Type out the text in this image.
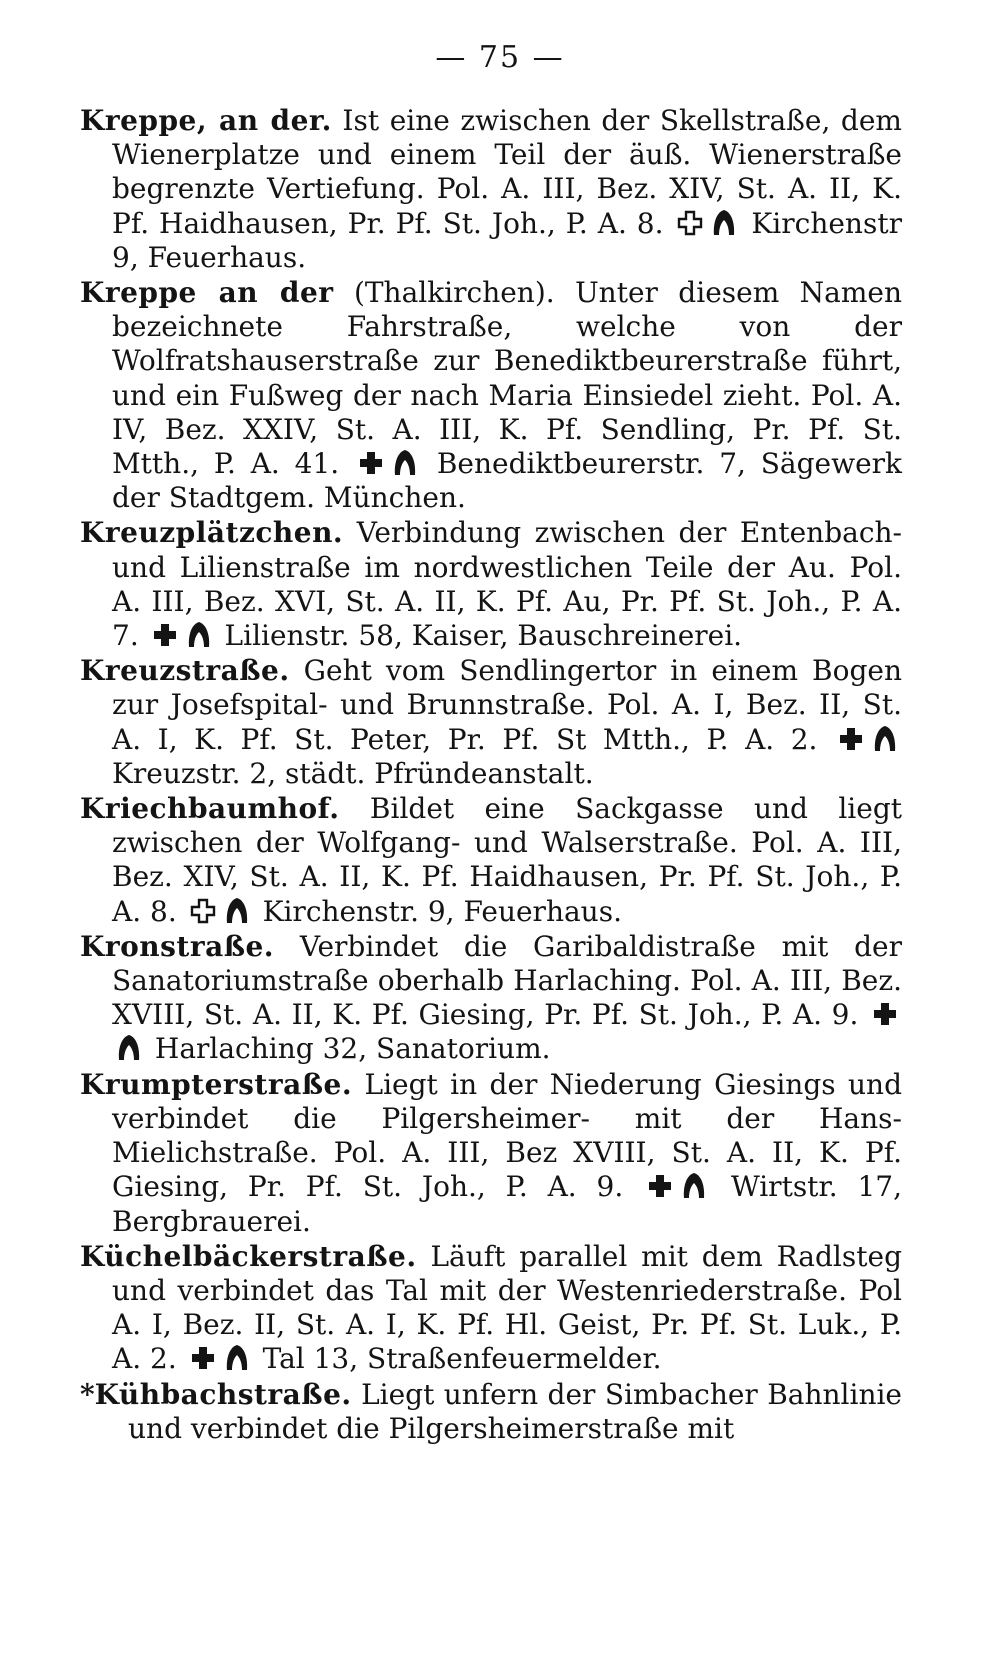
— 75 —

Kreppe, an der. Ist eine zwischen der Skellstraße, dem Wienerplatze und einem Teil der äuß. Wienerstraße begrenzte Vertiefung. Pol. A. III, Bez. XIV, St. A. II, K. Pf. Haidhausen, Pr. Pf. St. Joh., P. A. 8.	Kirchenstr 9, Feuerhaus.

Kreppe an der (Thalkirchen). Unter diesem Namen bezeichnete Fahrstraße, welche von der Wolfratshauserstraße zur Benediktbeurerstraße führt, und ein Fußweg der nach Maria Einsiedel zieht. Pol. A. IV, Bez. XXIV, St. A. III, K. Pf. Sendling, Pr. Pf. St. Mtth., P. A. 41.	Benediktbeurerstr. 7, Sägewerk der Stadtgem. München.

Kreuzplätzchen. Verbindung zwischen der Entenbach- und Lilienstraße im nordwestlichen Teile der Au. Pol. A. III, Bez. XVI, St. A. II, K. Pf. Au, Pr. Pf. St. Joh., P. A. 7.	Lilienstr. 58, Kaiser, Bauschreinerei.

Kreuzstraße. Geht vom Sendlingertor in einem Bogen zur Josefspital- und Brunnstraße. Pol. A. I, Bez. II, St. A. I, K. Pf. St. Peter, Pr. Pf. St Mtth., P. A. 2.
Kreuzstr. 2, städt. Pfründeanstalt.

Kriechbaumhof. Bildet eine Sackgasse und liegt zwischen der Wolfgang- und Walserstraße. Pol. A. III, Bez. XIV, St. A. II, K. Pf. Haidhausen, Pr. Pf. St. Joh., P. A. 8.	Kirchenstr. 9, Feuerhaus.

Kronstraße. Verbindet die Garibaldistraße mit der Sanatoriumstraße oberhalb Harlaching. Pol. A. III, Bez. XVIII, St. A. II, K. Pf. Giesing, Pr. Pf. St. Joh., P. A. 9.
Harlaching 32, Sanatorium.

Krumpterstraße. Liegt in der Niederung Giesings und verbindet die Pilgersheimer- mit der Hans-Mielichstraße. Pol. A. III, Bez XVIII, St. A. II, K. Pf. Giesing, Pr. Pf. St. Joh., P. A. 9.	Wirtstr. 17, Bergbrauerei.

Küchelbäckerstraße. Läuft parallel mit dem Radlsteg und verbindet das Tal mit der Westenriederstraße. Pol A. I, Bez. II, St. A. I, K. Pf. Hl. Geist, Pr. Pf. St. Luk., P. A. 2.	Tal 13, Straßenfeuermelder.

*Kühbachstraße. Liegt unfern der Simbacher Bahnlinie und verbindet die Pilgersheimerstraße mit
